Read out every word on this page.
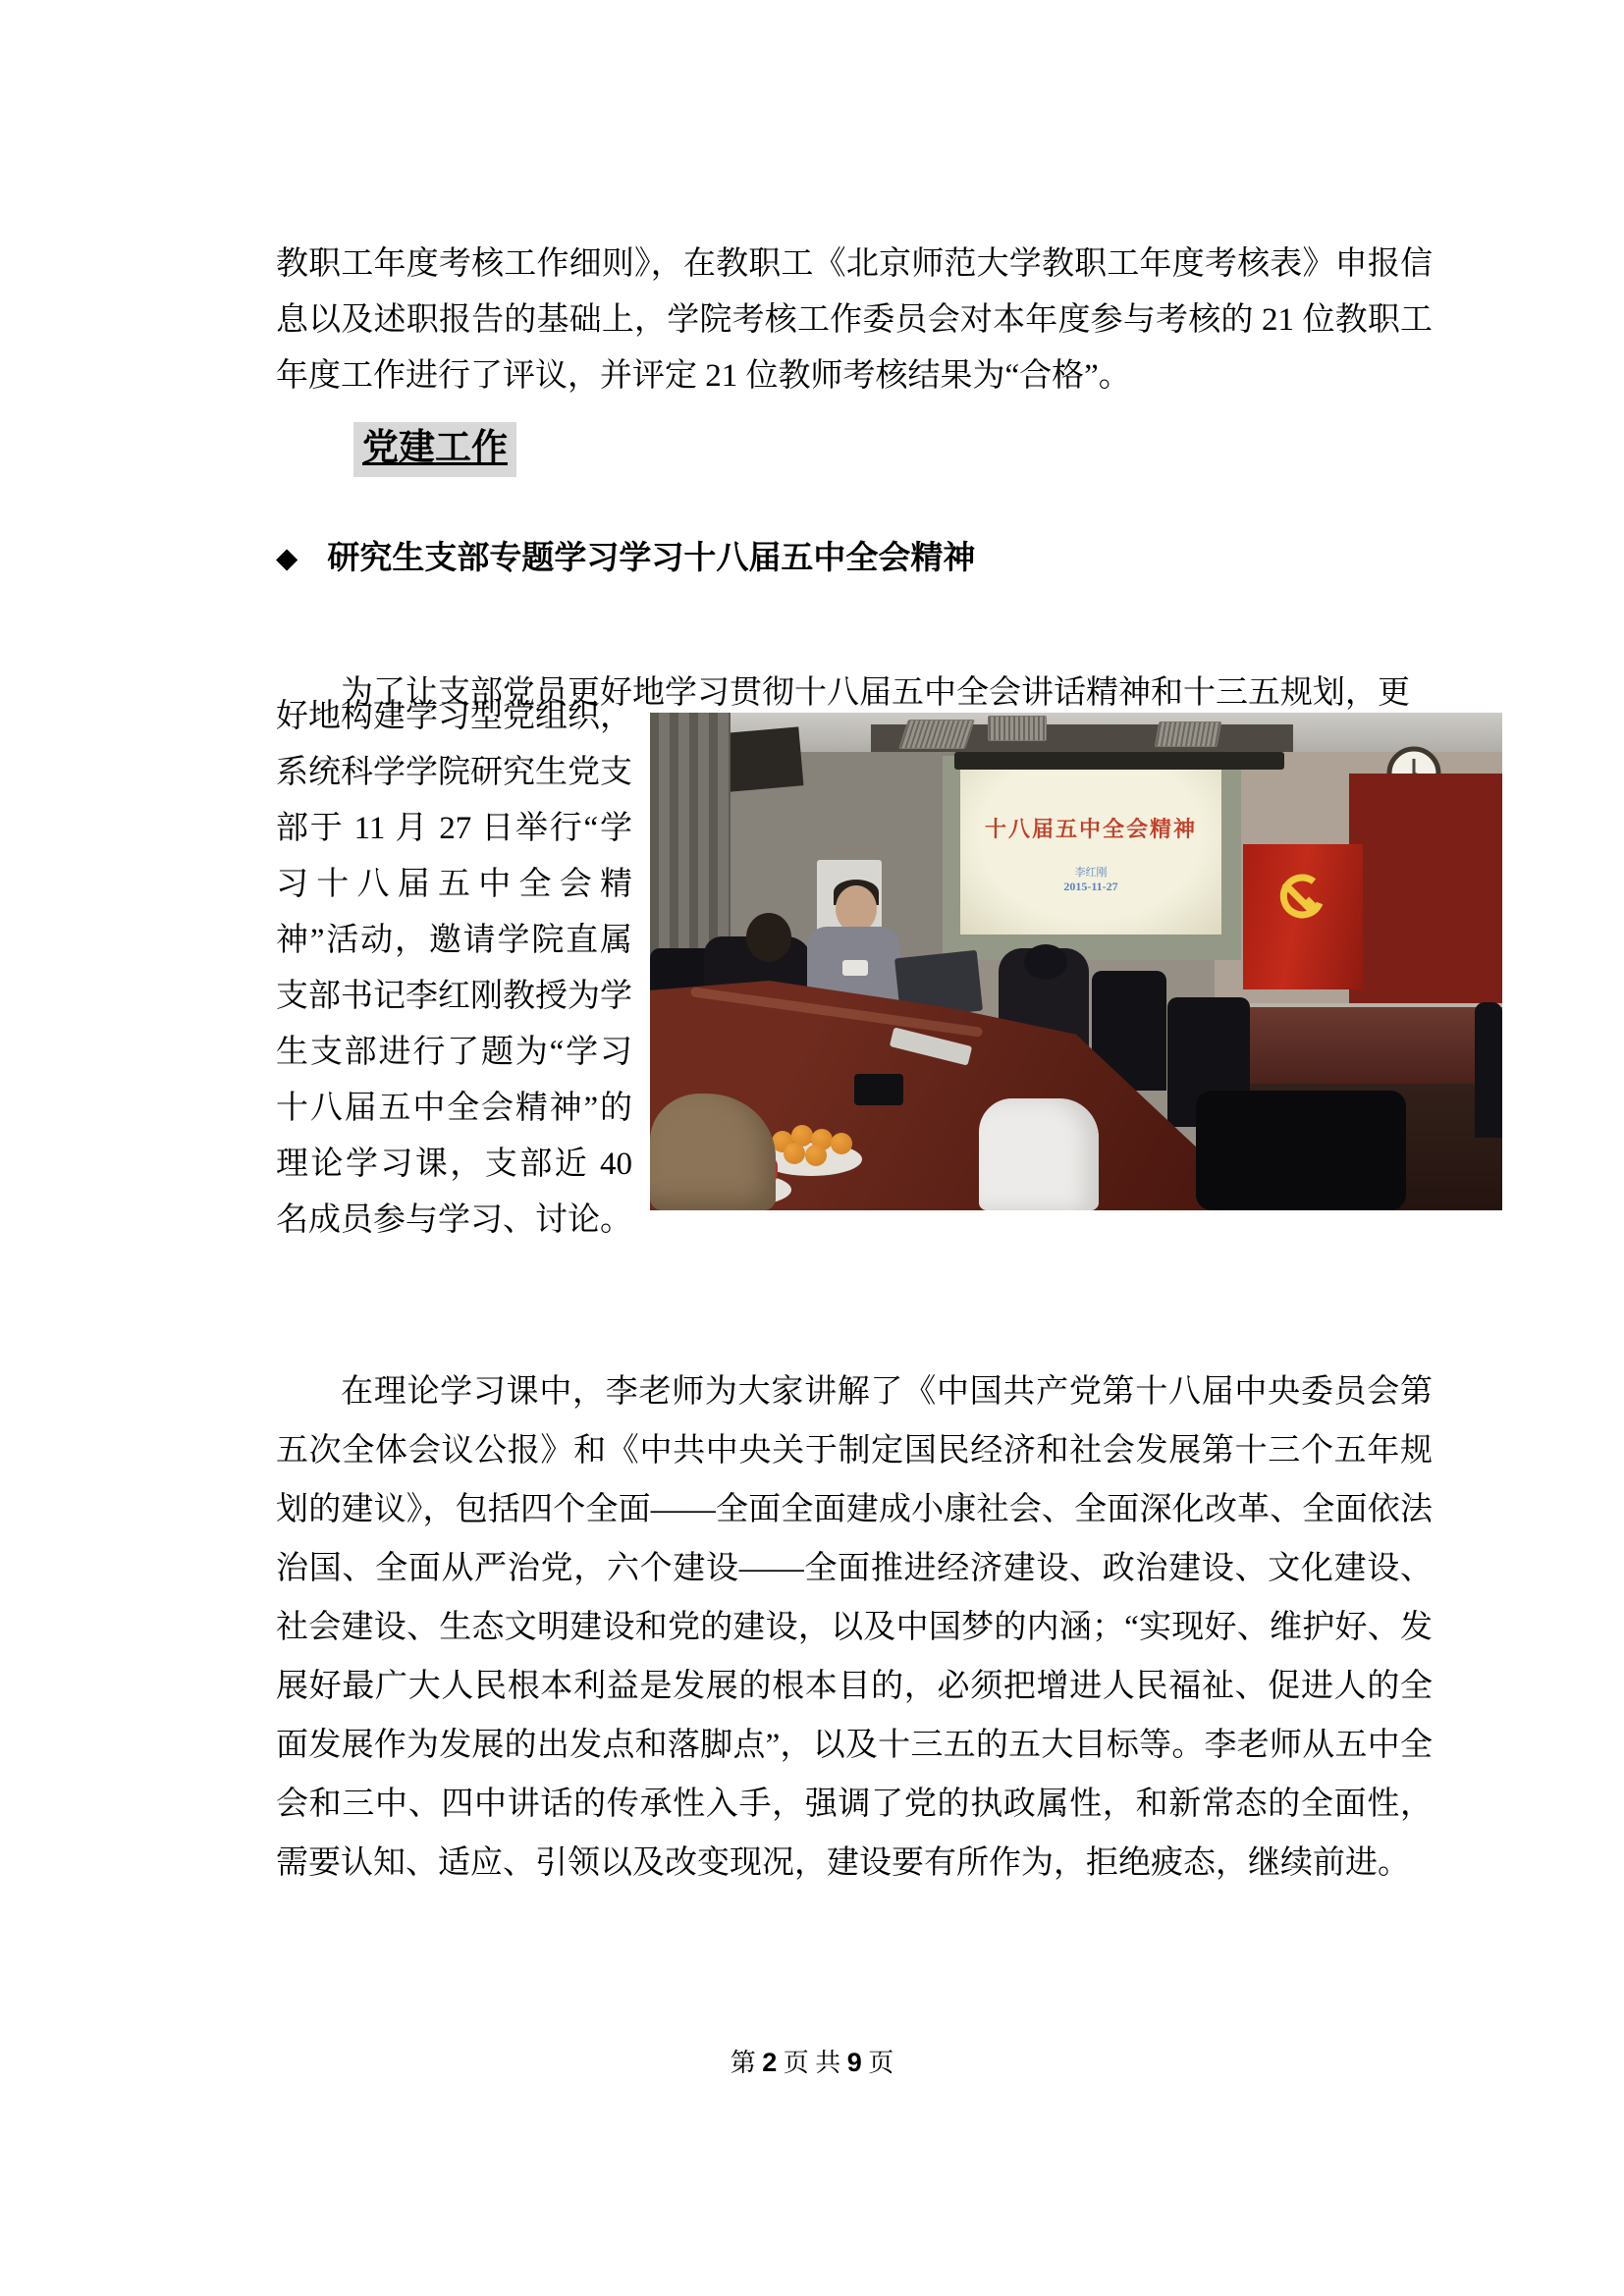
教职工年度考核工作细则》，在教职工《北京师范大学教职工年度考核表》申报信息以及述职报告的基础上，学院考核工作委员会对本年度参与考核的 21 位教职工年度工作进行了评议，并评定 21 位教师考核结果为“合格”。

党建工作
◆ 研究生支部专题学习学习十八届五中全会精神

为了让支部党员更好地学习贯彻十八届五中全会讲话精神和十三五规划，更

好地构建学习型党组织，系统科学学院研究生党支部于 11 月 27 日举行“学习十八届五中全会精神”活动，邀请学院直属支部书记李红刚教授为学生支部进行了题为“学习十八届五中全会精神”的理论学习课，支部近 40 名成员参与学习、讨论。
十八届五中全会精神
李红刚
2015-11-27

在理论学习课中，李老师为大家讲解了《中国共产党第十八届中央委员会第五次全体会议公报》和《中共中央关于制定国民经济和社会发展第十三个五年规划的建议》，包括四个全面——全面全面建成小康社会、全面深化改革、全面依法治国、全面从严治党，六个建设——全面推进经济建设、政治建设、文化建设、社会建设、生态文明建设和党的建设，以及中国梦的内涵；“实现好、维护好、发展好最广大人民根本利益是发展的根本目的，必须把增进人民福祉、促进人的全面发展作为发展的出发点和落脚点”，以及十三五的五大目标等。李老师从五中全会和三中、四中讲话的传承性入手，强调了党的执政属性，和新常态的全面性，需要认知、适应、引领以及改变现况，建设要有所作为，拒绝疲态，继续前进。

第 2 页 共 9 页
